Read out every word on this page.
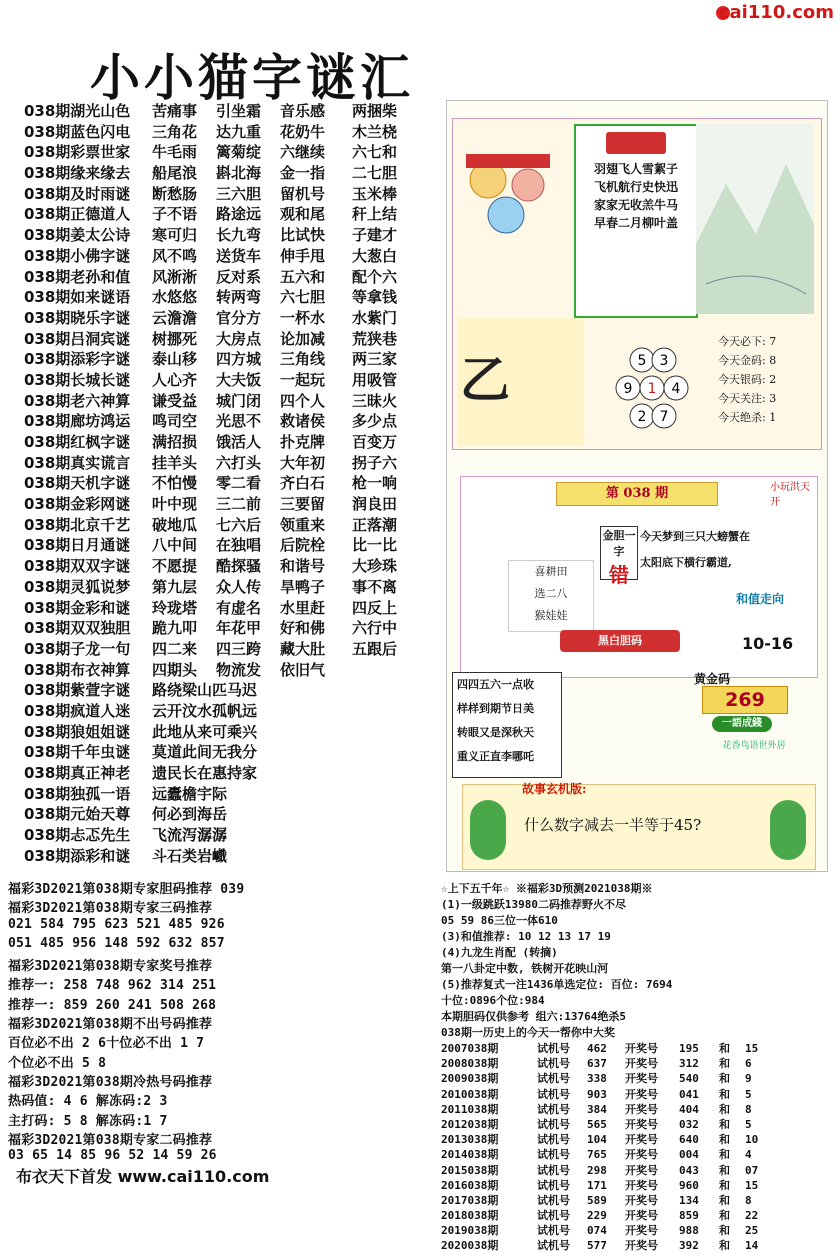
cai110.com
小小猫字谜汇
038期湖光山色 苦痛事 引坐霜 音乐感 两捆柴
038期蓝色闪电 三角花 达九重 花奶牛 木兰桡
038期彩票世家 牛毛雨 篱菊绽 六继续 六七和
038期缘来缘去 船尾浪 斟北海 金一指 二七胆
038期及时雨谜 断愁肠 三六胆 留机号 玉米棒
038期正德道人 子不语 路途远 观和尾 秆上结
038期姜太公诗 寒可归 长九弯 比试快 子建才
038期小佛字谜 风不鸣 送货车 伸手甩 大葱白
038期老孙和值 风淅淅 反对系 五六和 配个六
038期如来谜语 水悠悠 转两弯 六七胆 等拿钱
038期晓乐字谜 云澹澹 官分方 一杯水 水紫门
038期吕洞宾谜 树挪死 大房点 论加减 荒狭巷
038期添彩字谜 泰山移 四方城 三角线 两三家
038期长城长谜 人心齐 大夫饭 一起玩 用吸管
038期老六神算 谦受益 城门闭 四个人 三昧火
038期廊坊鸿运 鸣司空 光思不 救诸侯 多少点
038期红枫字谜 满招损 饿活人 扑克牌 百变万
038期真实谎言 挂羊头 六打头 大年初 拐子六
038期天机字谜 不怕慢 零二看 齐白石 枪一响
038期金彩网谜 叶中现 三二前 三要留 润良田
038期北京千艺 破地瓜 七六后 领重来 正落潮
038期日月通谜 八中间 在独唱 后院栓 比一比
038期双双字谜 不愿提 酷探骚 和谐号 大珍珠
038期灵狐说梦 第九层 众人传 旱鸭子 事不离
038期金彩和谜 玲珑塔 有虚名 水里赶 四反上
038期双双独胆 跪九叩 年花甲 好和佛 六行中
038期子龙一句 四二来 四三跨 藏大肚 五跟后
038期布衣神算 四期头 物流发 依旧气
038期紫萱字谜 路绕梁山匹马迟
038期疯道人迷 云开汶水孤帆远
038期狼姐姐谜 此地从来可乘兴
038期千年虫谜 莫道此间无我分
038期真正神老 遗民长在惠持家
038期独孤一语 远蠹檐宇际
038期元始天尊 何必到海岳
038期忐忑先生 飞流泻潺潺
038期添彩和谜 斗石类岩巇
羽翅飞人雪絮子
飞机航行史快迅
家家无收羔牛马
早春二月柳叶盖
乙	5 3
9 1 4
2 7
今天必下: 7
今天金码: 8
今天银码: 2
今天关注: 3
今天绝杀: 1
第 038 期
金胆一字
错
今天梦到三只大螃蟹在
太阳底下横行霸道,
小玩洪天开
喜耕田
选二八
猴娃娃
和值走向
10-16
黑白胆码
四四五六一点收
样样到期节日美
转眼又是深秋天
重义正直李哪吒
黄金码
269
一語成錢
花香鸟语世外居
故事玄机版:
什么数字减去一半等于45?
福彩3D2021第038期专家胆码推荐 039
福彩3D2021第038期专家三码推荐
021 584 795 623 521 485 926
051 485 956 148 592 632 857
福彩3D2021第038期专家奖号推荐
推荐一: 258 748 962 314 251
推荐一: 859 260 241 508 268
福彩3D2021第038期不出号码推荐
百位必不出 2 6十位必不出 1 7
个位必不出 5 8
福彩3D2021第038期冷热号码推荐
热码值: 4 6 解冻码:2 3
主打码: 5 8 解冻码:1 7
福彩3D2021第038期专家二码推荐
03 65 14 85 96 52 14 59 26
☆上下五千年☆ ※福彩3D预测2021038期※
(1)一级跳跃13980二码推荐野火不尽
05 59 86三位一体610
(3)和值推荐: 10 12 13 17 19
(4)九龙生肖配 (转摘)
第一八卦定中数, 铁树开花映山河
(5)推荐复式一注1436单选定位: 百位: 7694
十位:0896个位:984
本期胆码仅供参考 组六:13764绝杀5
038期一历史上的今天一帮你中大奖
2007038期	试机号 462 开奖号 195 和 15
2008038期	试机号 637 开奖号 312 和 6
2009038期	试机号 338 开奖号 540 和 9
2010038期	试机号 903 开奖号 041 和 5
2011038期	试机号 384 开奖号 404 和 8
2012038期	试机号 565 开奖号 032 和 5
2013038期	试机号 104 开奖号 640 和 10
2014038期	试机号 765 开奖号 004 和 4
2015038期	试机号 298 开奖号 043 和 07
2016038期	试机号 171 开奖号 960 和 15
2017038期	试机号 589 开奖号 134 和 8
2018038期	试机号 229 开奖号 859 和 22
2019038期	试机号 074 开奖号 988 和 25
2020038期	试机号 577 开奖号 392 和 14
布衣天下首发 www.cai110.com
